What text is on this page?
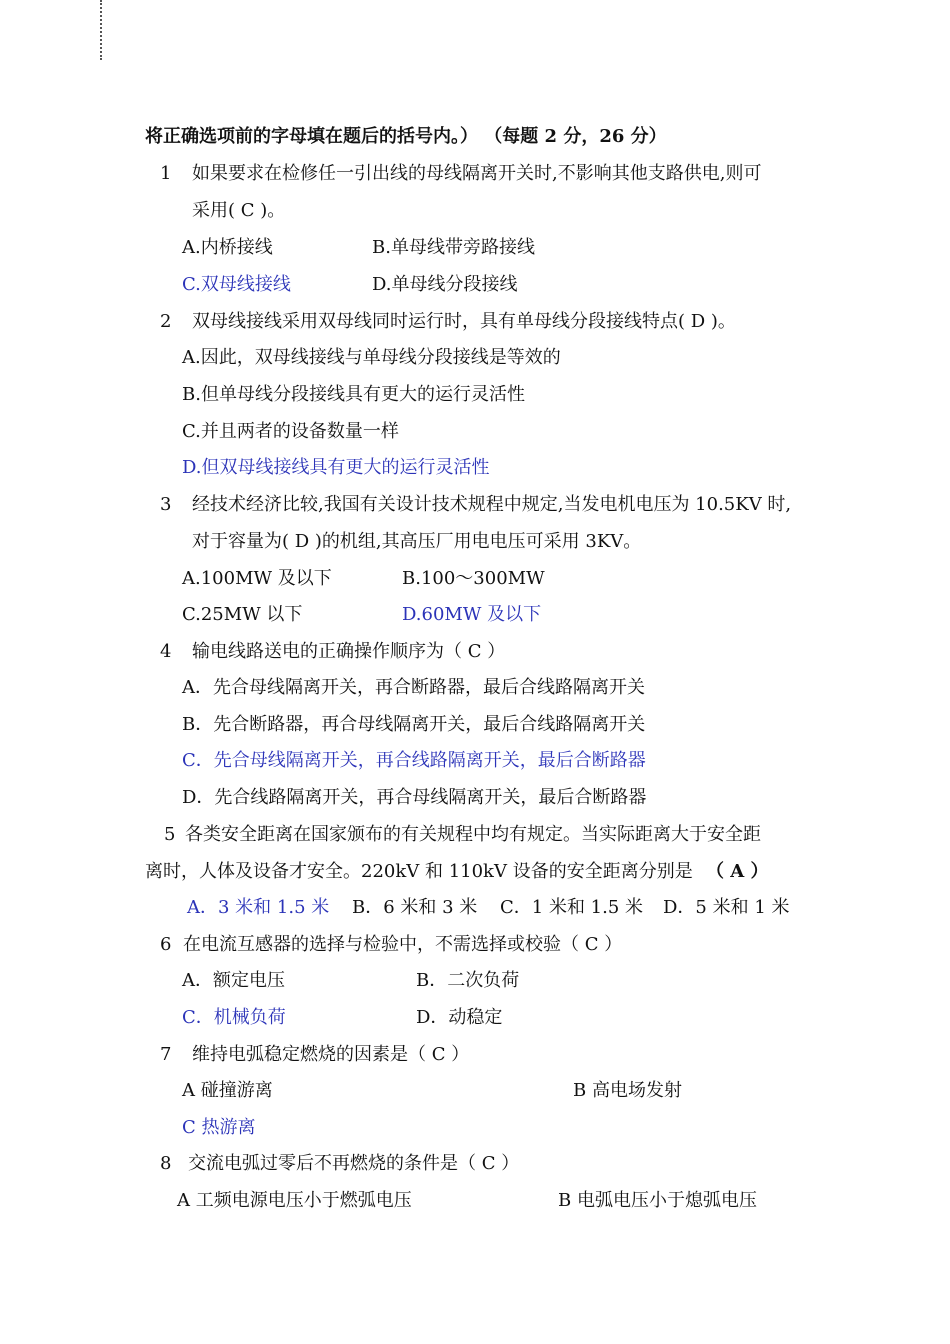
将正确选项前的字母填在题后的括号内。） （每题 2 分，26 分）
1 如果要求在检修任一引出线的母线隔离开关时,不影响其他支路供电,则可
采用( C )。
A.内桥接线	B.单母线带旁路接线
C.双母线接线	D.单母线分段接线
2 双母线接线采用双母线同时运行时，具有单母线分段接线特点( D )。
A.因此，双母线接线与单母线分段接线是等效的
B.但单母线分段接线具有更大的运行灵活性
C.并且两者的设备数量一样
D.但双母线接线具有更大的运行灵活性
3 经技术经济比较,我国有关设计技术规程中规定,当发电机电压为 10.5KV 时,
对于容量为( D )的机组,其高压厂用电电压可采用 3KV。
A.100MW 及以下	B.100～300MW
C.25MW 以下	D.60MW 及以下
4 输电线路送电的正确操作顺序为（ C ）
A．先合母线隔离开关，再合断路器，最后合线路隔离开关
B．先合断路器，再合母线隔离开关，最后合线路隔离开关
C．先合母线隔离开关，再合线路隔离开关，最后合断路器
D．先合线路隔离开关，再合母线隔离开关，最后合断路器
5 各类安全距离在国家颁布的有关规程中均有规定。当实际距离大于安全距
离时，人体及设备才安全。220kV 和 110kV 设备的安全距离分别是 （ A ）
A．3 米和 1.5 米 B．6 米和 3 米 C．1 米和 1.5 米 D．5 米和 1 米
6 在电流互感器的选择与检验中，不需选择或校验（ C ）
A．额定电压	B．二次负荷
C．机械负荷	D．动稳定
7 维持电弧稳定燃烧的因素是（ C ）
A 碰撞游离	B 高电场发射
C 热游离
8 交流电弧过零后不再燃烧的条件是（ C ）
A 工频电源电压小于燃弧电压	B 电弧电压小于熄弧电压
